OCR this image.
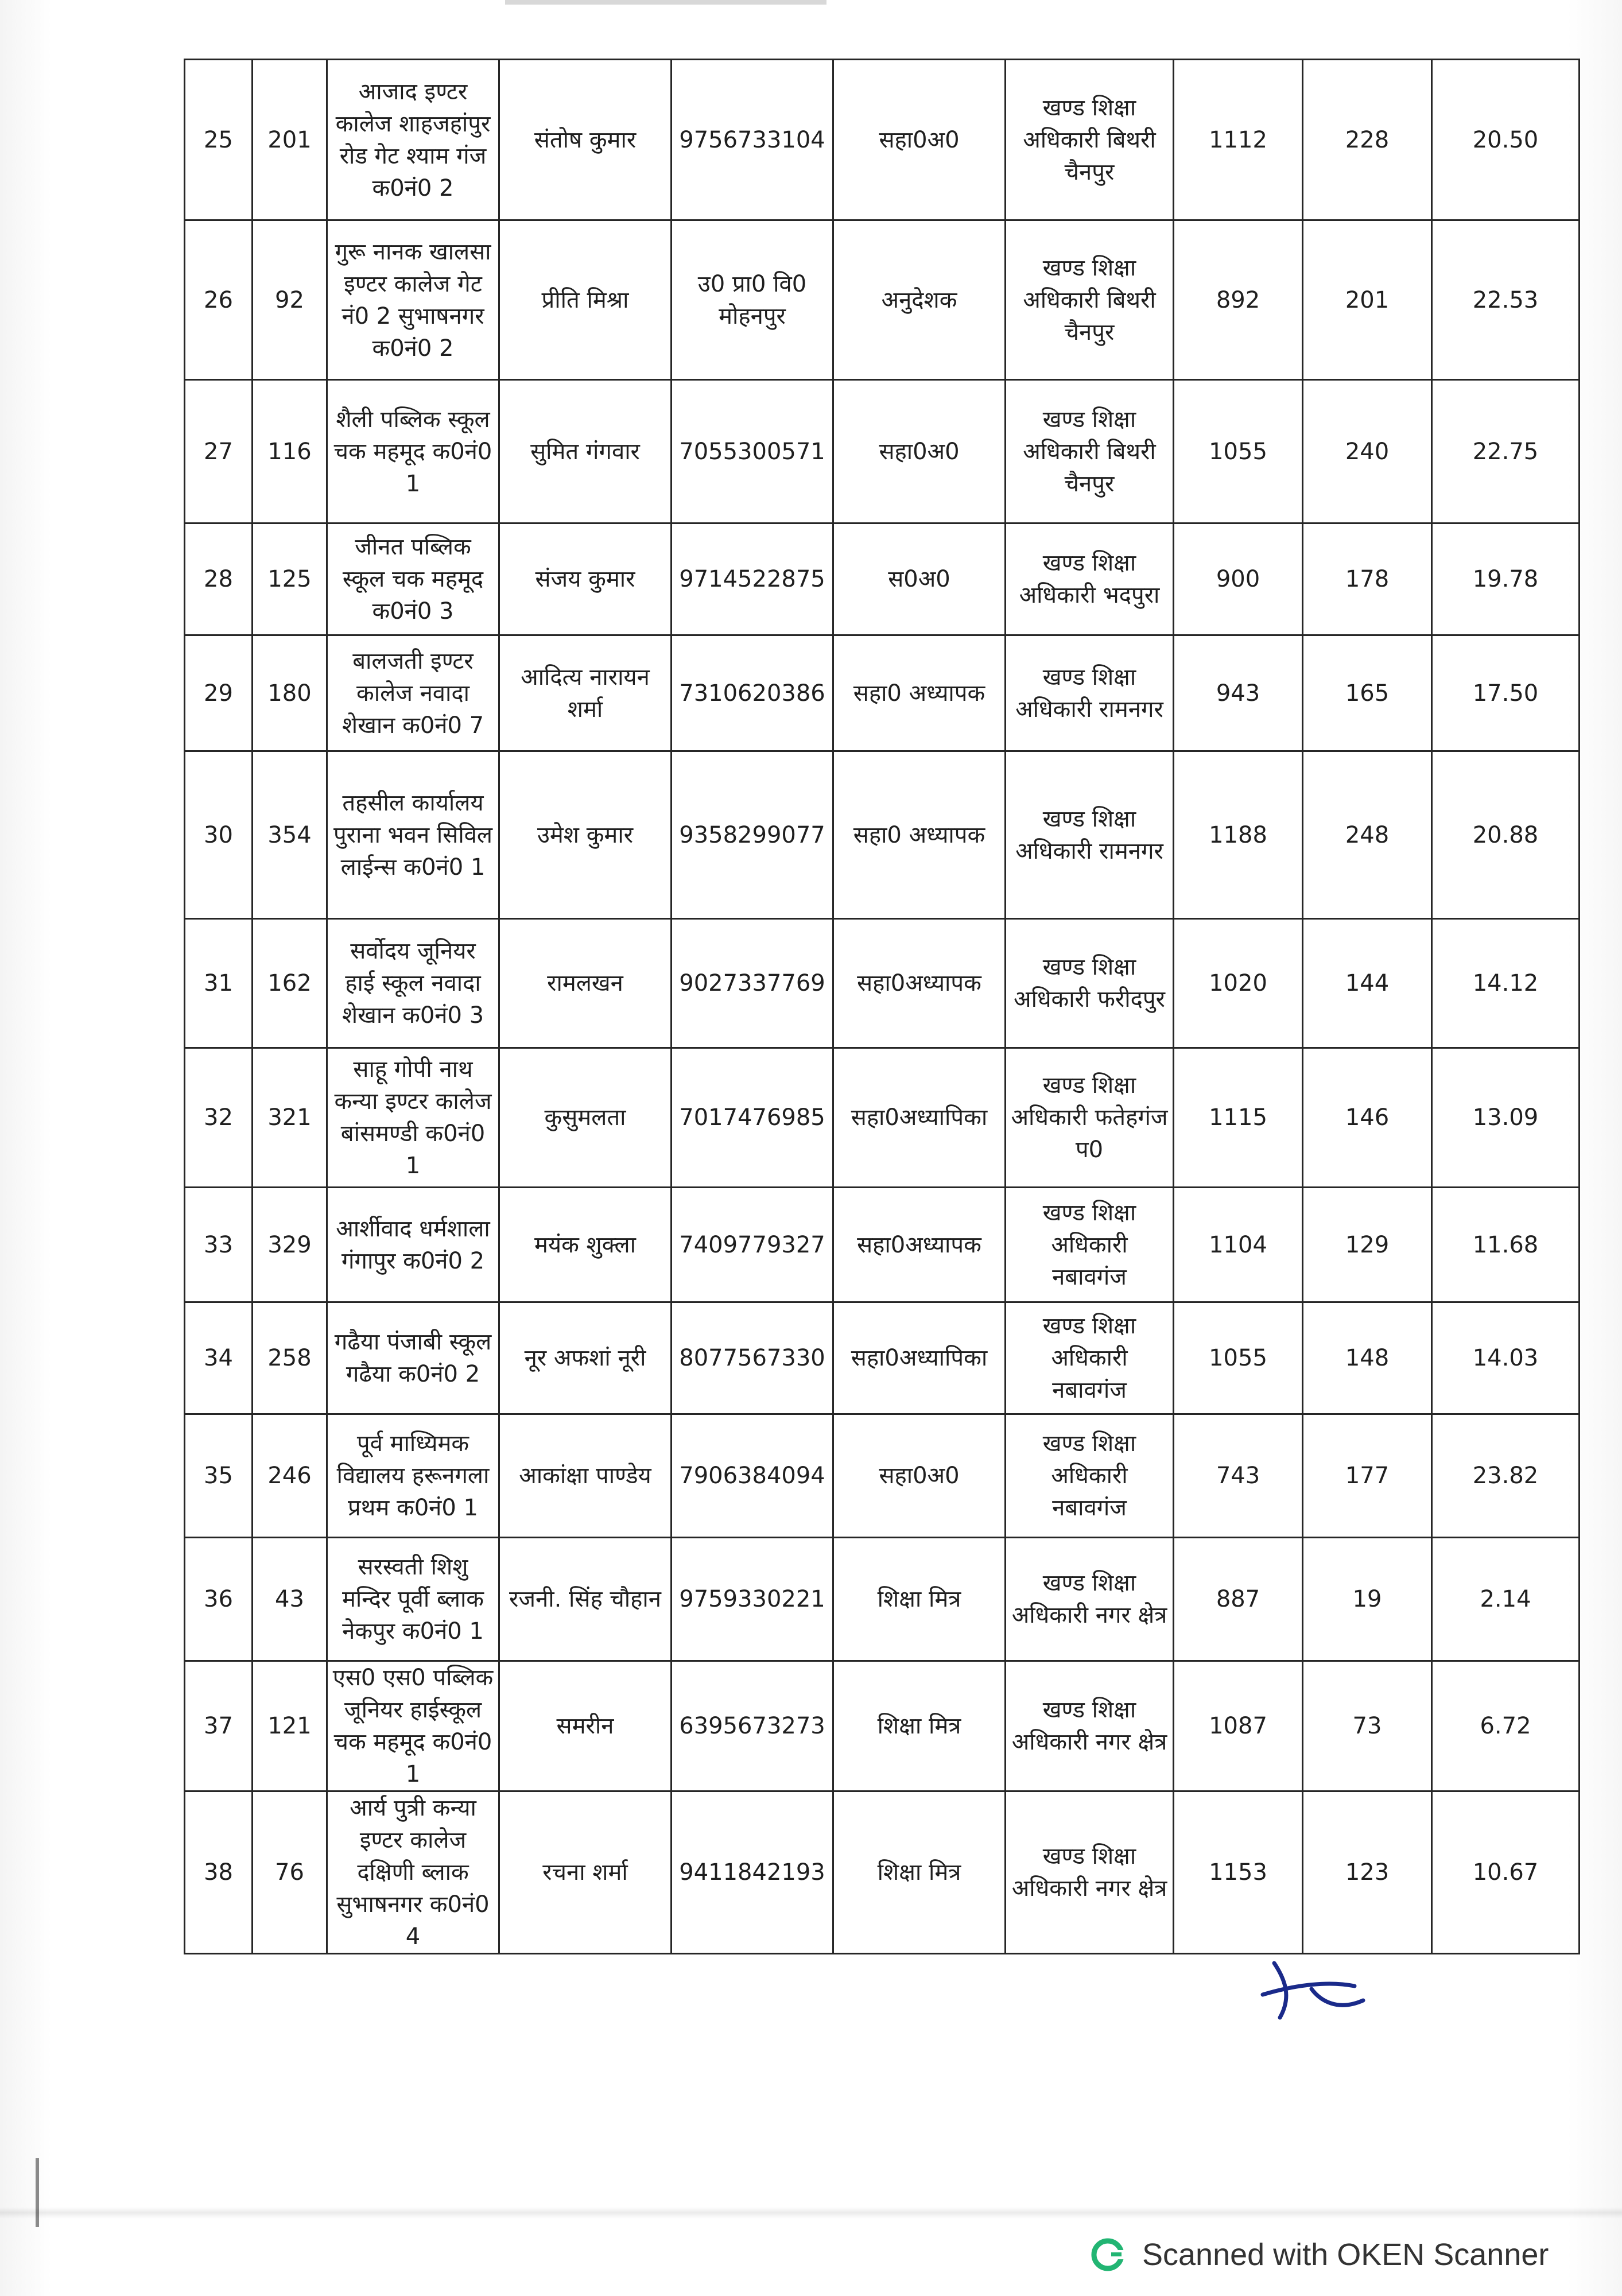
25	201	आजाद इण्टर कालेज शाहजहांपुर रोड गेट श्याम गंज क0नं0 2	संतोष कुमार	9756733104	सहा0अ0	खण्ड शिक्षा अधिकारी बिथरी चैनपुर	1112	228	20.50
26	92	गुरू नानक खालसा इण्टर कालेज गेट नं0 2 सुभाषनगर क0नं0 2	प्रीति मिश्रा	उ0 प्रा0 वि0 मोहनपुर	अनुदेशक	खण्ड शिक्षा अधिकारी बिथरी चैनपुर	892	201	22.53
27	116	शैली पब्लिक स्कूल चक महमूद क0नं0 1	सुमित गंगवार	7055300571	सहा0अ0	खण्ड शिक्षा अधिकारी बिथरी चैनपुर	1055	240	22.75
28	125	जीनत पब्लिक स्कूल चक महमूद क0नं0 3	संजय कुमार	9714522875	स0अ0	खण्ड शिक्षा अधिकारी भदपुरा	900	178	19.78
29	180	बालजती इण्टर कालेज नवादा शेखान क0नं0 7	आदित्य नारायन शर्मा	7310620386	सहा0 अध्यापक	खण्ड शिक्षा अधिकारी रामनगर	943	165	17.50
30	354	तहसील कार्यालय पुराना भवन सिविल लाईन्स क0नं0 1	उमेश कुमार	9358299077	सहा0 अध्यापक	खण्ड शिक्षा अधिकारी रामनगर	1188	248	20.88
31	162	सर्वोदय जूनियर हाई स्कूल नवादा शेखान क0नं0 3	रामलखन	9027337769	सहा0अध्यापक	खण्ड शिक्षा अधिकारी फरीदपुर	1020	144	14.12
32	321	साहू गोपी नाथ कन्या इण्टर कालेज बांसमण्डी क0नं0 1	कुसुमलता	7017476985	सहा0अध्यापिका	खण्ड शिक्षा अधिकारी फतेहगंज प0	1115	146	13.09
33	329	आर्शीवाद धर्मशाला गंगापुर क0नं0 2	मयंक शुक्ला	7409779327	सहा0अध्यापक	खण्ड शिक्षा अधिकारी नबावगंज	1104	129	11.68
34	258	गढैया पंजाबी स्कूल गढैया क0नं0 2	नूर अफशां नूरी	8077567330	सहा0अध्यापिका	खण्ड शिक्षा अधिकारी नबावगंज	1055	148	14.03
35	246	पूर्व माध्यिमक विद्यालय हरूनगला प्रथम क0नं0 1	आकांक्षा पाण्डेय	7906384094	सहा0अ0	खण्ड शिक्षा अधिकारी नबावगंज	743	177	23.82
36	43	सरस्वती शिशु मन्दिर पूर्वी ब्लाक नेकपुर क0नं0 1	रजनी. सिंह चौहान	9759330221	शिक्षा मित्र	खण्ड शिक्षा अधिकारी नगर क्षेत्र	887	19	2.14
37	121	एस0 एस0 पब्लिक जूनियर हाईस्कूल चक महमूद क0नं0 1	समरीन	6395673273	शिक्षा मित्र	खण्ड शिक्षा अधिकारी नगर क्षेत्र	1087	73	6.72
38	76	आर्य पुत्री कन्या इण्टर कालेज दक्षिणी ब्लाक सुभाषनगर क0नं0 4	रचना शर्मा	9411842193	शिक्षा मित्र	खण्ड शिक्षा अधिकारी नगर क्षेत्र	1153	123	10.67
Scanned with OKEN Scanner
